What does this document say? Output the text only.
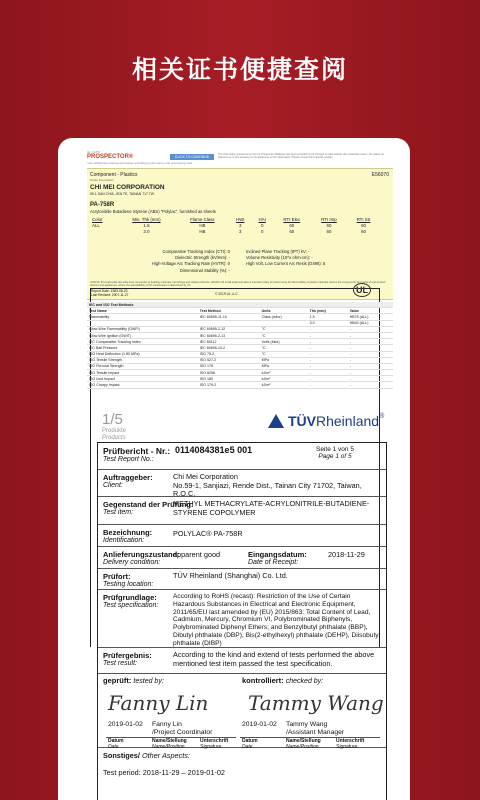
相关证书便捷查阅
UL CAPS
PROSPECTOR®
Your additional material information including performance and processing data
CLICK TO CONTINUE
The information presented on this UL Prospector database has been provided by UL through its data partner (the materials owner). UL makes no warranty as to the accuracy or completeness of the information. Please consult the material supplier.
Component - Plastics	E56070
Guide Information
CHI MEI CORPORATION
59-1 SAN CHIA, JEN TE, TAINAN 717 TW
PA-758R
Acrylonitrile Butadiene Styrene (ABS) "Polylac", furnished as sheets
Color	Min. Thk (mm)	Flame Class	HWI	HAI	RTI Elec	RTI Imp	RTI Str
ALL	1.5	HB	3	0	60	60	60
	3.0	HB	3	0	60	60	60
Comparative Tracking Index (CTI): 0	Inclined Plane Tracking (IPT) kV: -
Dielectric Strength (kV/mm): -	Volume Resistivity (10^x ohm-cm): -
High-Voltage Arc Tracking Rate (HVTR): 0	High Volt, Low Current Arc Resis (D495): 5
Dimensional Stability (%): -
ANSI/UL 94 small-scale test data does not pertain to building materials, furnishings and related contents. ANSI/UL 94 small-scale test data is intended solely for determining the flammability of plastic materials used in the components and parts of end-product devices and appliances, where the acceptability of the combination is determined by UL.
Report Date: 1983-08-23
Last Revised: 2007-11-27	© 2019 UL LLC	UL
IEC and ISO Test Methods				
Test Name	Test Method	Units	Thk (mm)	Value
Flammability	IEC 60695-11-10	Class (color)	1.5	HB75 (ALL)
			3.0	HB40 (ALL)
Glow-Wire Flammability (GWFI)	IEC 60695-2-12	°C	-	-
Glow-Wire Ignition (GWIT)	IEC 60695-2-13	°C	-	-
IEC Comparative Tracking Index	IEC 60112	Volts (Max)	-	-
IEC Ball Pressure	IEC 60695-10-2	°C	-	-
ISO Heat Deflection (1.80 MPa)	ISO 75-2	°C	-	-
ISO Tensile Strength	ISO 527-2	MPa	-	-
ISO Flexural Strength	ISO 178	MPa	-	-
ISO Tensile Impact	ISO 8256	kJ/m²	-	-
ISO Izod Impact	ISO 180	kJ/m²	-	-
ISO Charpy Impact	ISO 179-2	kJ/m²	-	-
1/5
Produkte
Products
TÜVRheinland®
Prüfbericht - Nr.:
Test Report No.:
0114084381e5 001	Seite 1 von 5
Page 1 of 5
Auftraggeber:
Client:
Chi Mei Corporation
No.59-1, Sanjiazi, Rende Dist., Tainan City 71702, Taiwan, R.O.C.
Gegenstand der Prüfung:
Test item:
METHYL METHACRYLATE-ACRYLONITRILE-BUTADIENE-STYRENE COPOLYMER
Bezeichnung:
Identification:
POLYLAC® PA-758R
Anlieferungszustand:
Delivery condition:
apparent good	Eingangsdatum:
Date of Receipt:
2018-11-29
Prüfort:
Testing location:
TÜV Rheinland (Shanghai) Co. Ltd.
Prüfgrundlage:
Test specification:
According to RoHS (recast): Restriction of the Use of Certain Hazardous Substances in Electrical and Electronic Equipment, 2011/65/EU last amended by (EU) 2015/863: Total Content of Lead, Cadmium, Mercury, Chromium VI, Polybrominated Biphenyls, Polybrominated Diphenyl Ethers; and Benzylbutyl phthalate (BBP), Dibutyl phthalate (DBP), Bis(2-ethylhexyl) phthalate (DEHP), Diisobutyl phthalate (DIBP)
Prüfergebnis:
Test result:
According to the kind and extend of tests performed the above mentioned test item passed the test specification.
geprüft: tested by:	kontrolliert: checked by:
Fanny Lin Tammy Wang
2019-01-02 Fanny Lin
/Project Coordinator
2019-01-02 Tammy Wang
/Assistant Manager
Datum
Date
Name/Stellung
Name/Position
Unterschrift
Signature
Datum
Date
Name/Stellung
Name/Position
Unterschrift
Signature
Sonstiges/ Other Aspects:
Test period: 2018-11-29 – 2019-01-02
